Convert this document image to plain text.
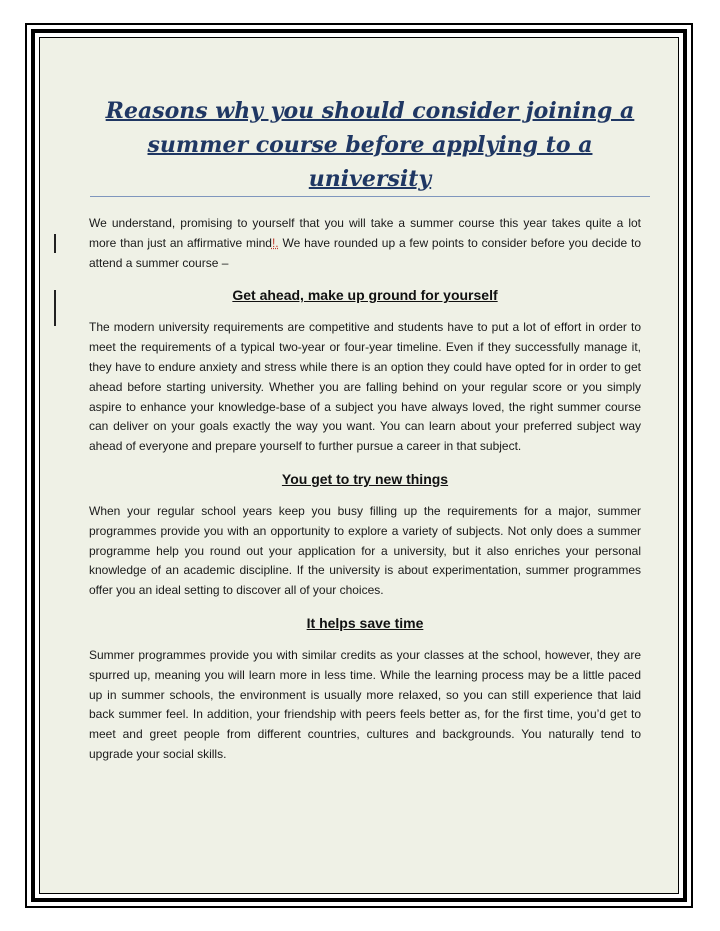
Reasons why you should consider joining a summer course before applying to a university

We understand, promising to yourself that you will take a summer course this year takes quite a lot more than just an affirmative mind!. We have rounded up a few points to consider before you decide to attend a summer course –

Get ahead, make up ground for yourself

The modern university requirements are competitive and students have to put a lot of effort in order to meet the requirements of a typical two-year or four-year timeline. Even if they successfully manage it, they have to endure anxiety and stress while there is an option they could have opted for in order to get ahead before starting university. Whether you are falling behind on your regular score or you simply aspire to enhance your knowledge-base of a subject you have always loved, the right summer course can deliver on your goals exactly the way you want. You can learn about your preferred subject way ahead of everyone and prepare yourself to further pursue a career in that subject.

You get to try new things

When your regular school years keep you busy filling up the requirements for a major, summer programmes provide you with an opportunity to explore a variety of subjects. Not only does a summer programme help you round out your application for a university, but it also enriches your personal knowledge of an academic discipline. If the university is about experimentation, summer programmes offer you an ideal setting to discover all of your choices.

It helps save time

Summer programmes provide you with similar credits as your classes at the school, however, they are spurred up, meaning you will learn more in less time. While the learning process may be a little paced up in summer schools, the environment is usually more relaxed, so you can still experience that laid back summer feel. In addition, your friendship with peers feels better as, for the first time, you’d get to meet and greet people from different countries, cultures and backgrounds. You naturally tend to upgrade your social skills.
